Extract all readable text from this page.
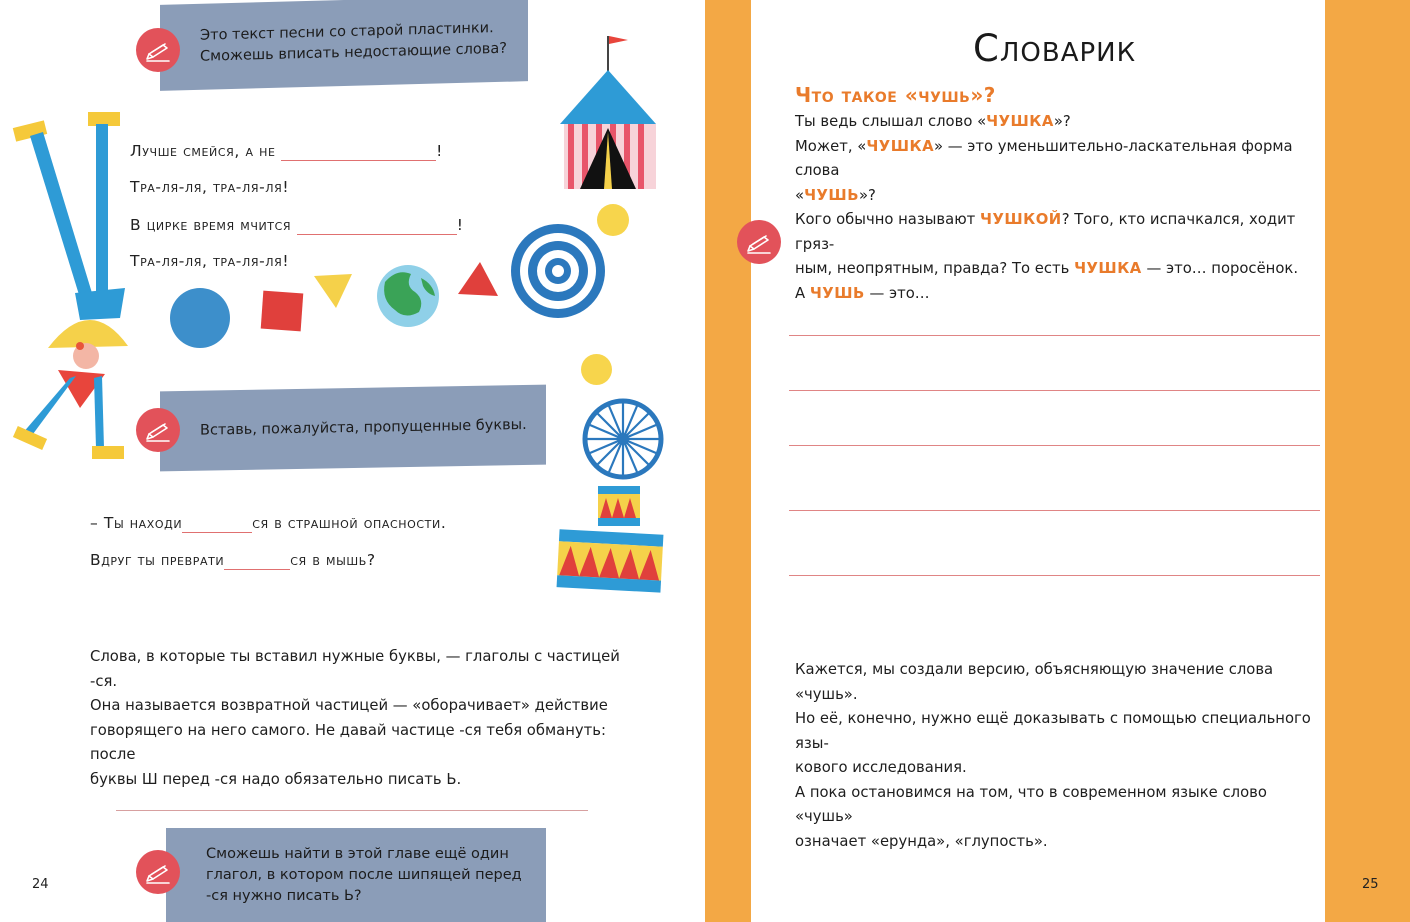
Это текст песни со старой пластинки.
Сможешь вписать недостающие слова?
Лучше смейся, а не	!
Тра-ля-ля, тра-ля-ля!
В цирке время мчится	!
Тра-ля-ля, тра-ля-ля!
Вставь, пожалуйста, пропущенные буквы.
– Ты находи	ся в страшной опасности.
Вдруг ты преврати	ся в мышь?

Слова, в которые ты вставил нужные буквы, — глаголы с частицей -ся.

Она называется возвратной частицей — «оборачивает» действие

говорящего на него самого. Не давай частице -ся тебя обмануть: после

буквы Ш перед -ся надо обязательно писать Ь.

Сможешь найти в этой главе ещё один
глагол, в котором после шипящей перед
-ся нужно писать Ь?
24
Словарик
Что такое «чушь»?

Ты ведь слышал слово «ЧУШКА»?

Может, «ЧУШКА» — это уменьшительно-ласкательная форма слова

«ЧУШЬ»?

Кого обычно называют ЧУШКОЙ? Того, кто испачкался, ходит гряз-

ным, неопрятным, правда? То есть ЧУШКА — это… поросёнок.

А ЧУШЬ — это…

Кажется, мы создали версию, объясняющую значение слова «чушь».

Но её, конечно, нужно ещё доказывать с помощью специального язы-

кового исследования.

А пока остановимся на том, что в современном языке слово «чушь»

означает «ерунда», «глупость».

25
